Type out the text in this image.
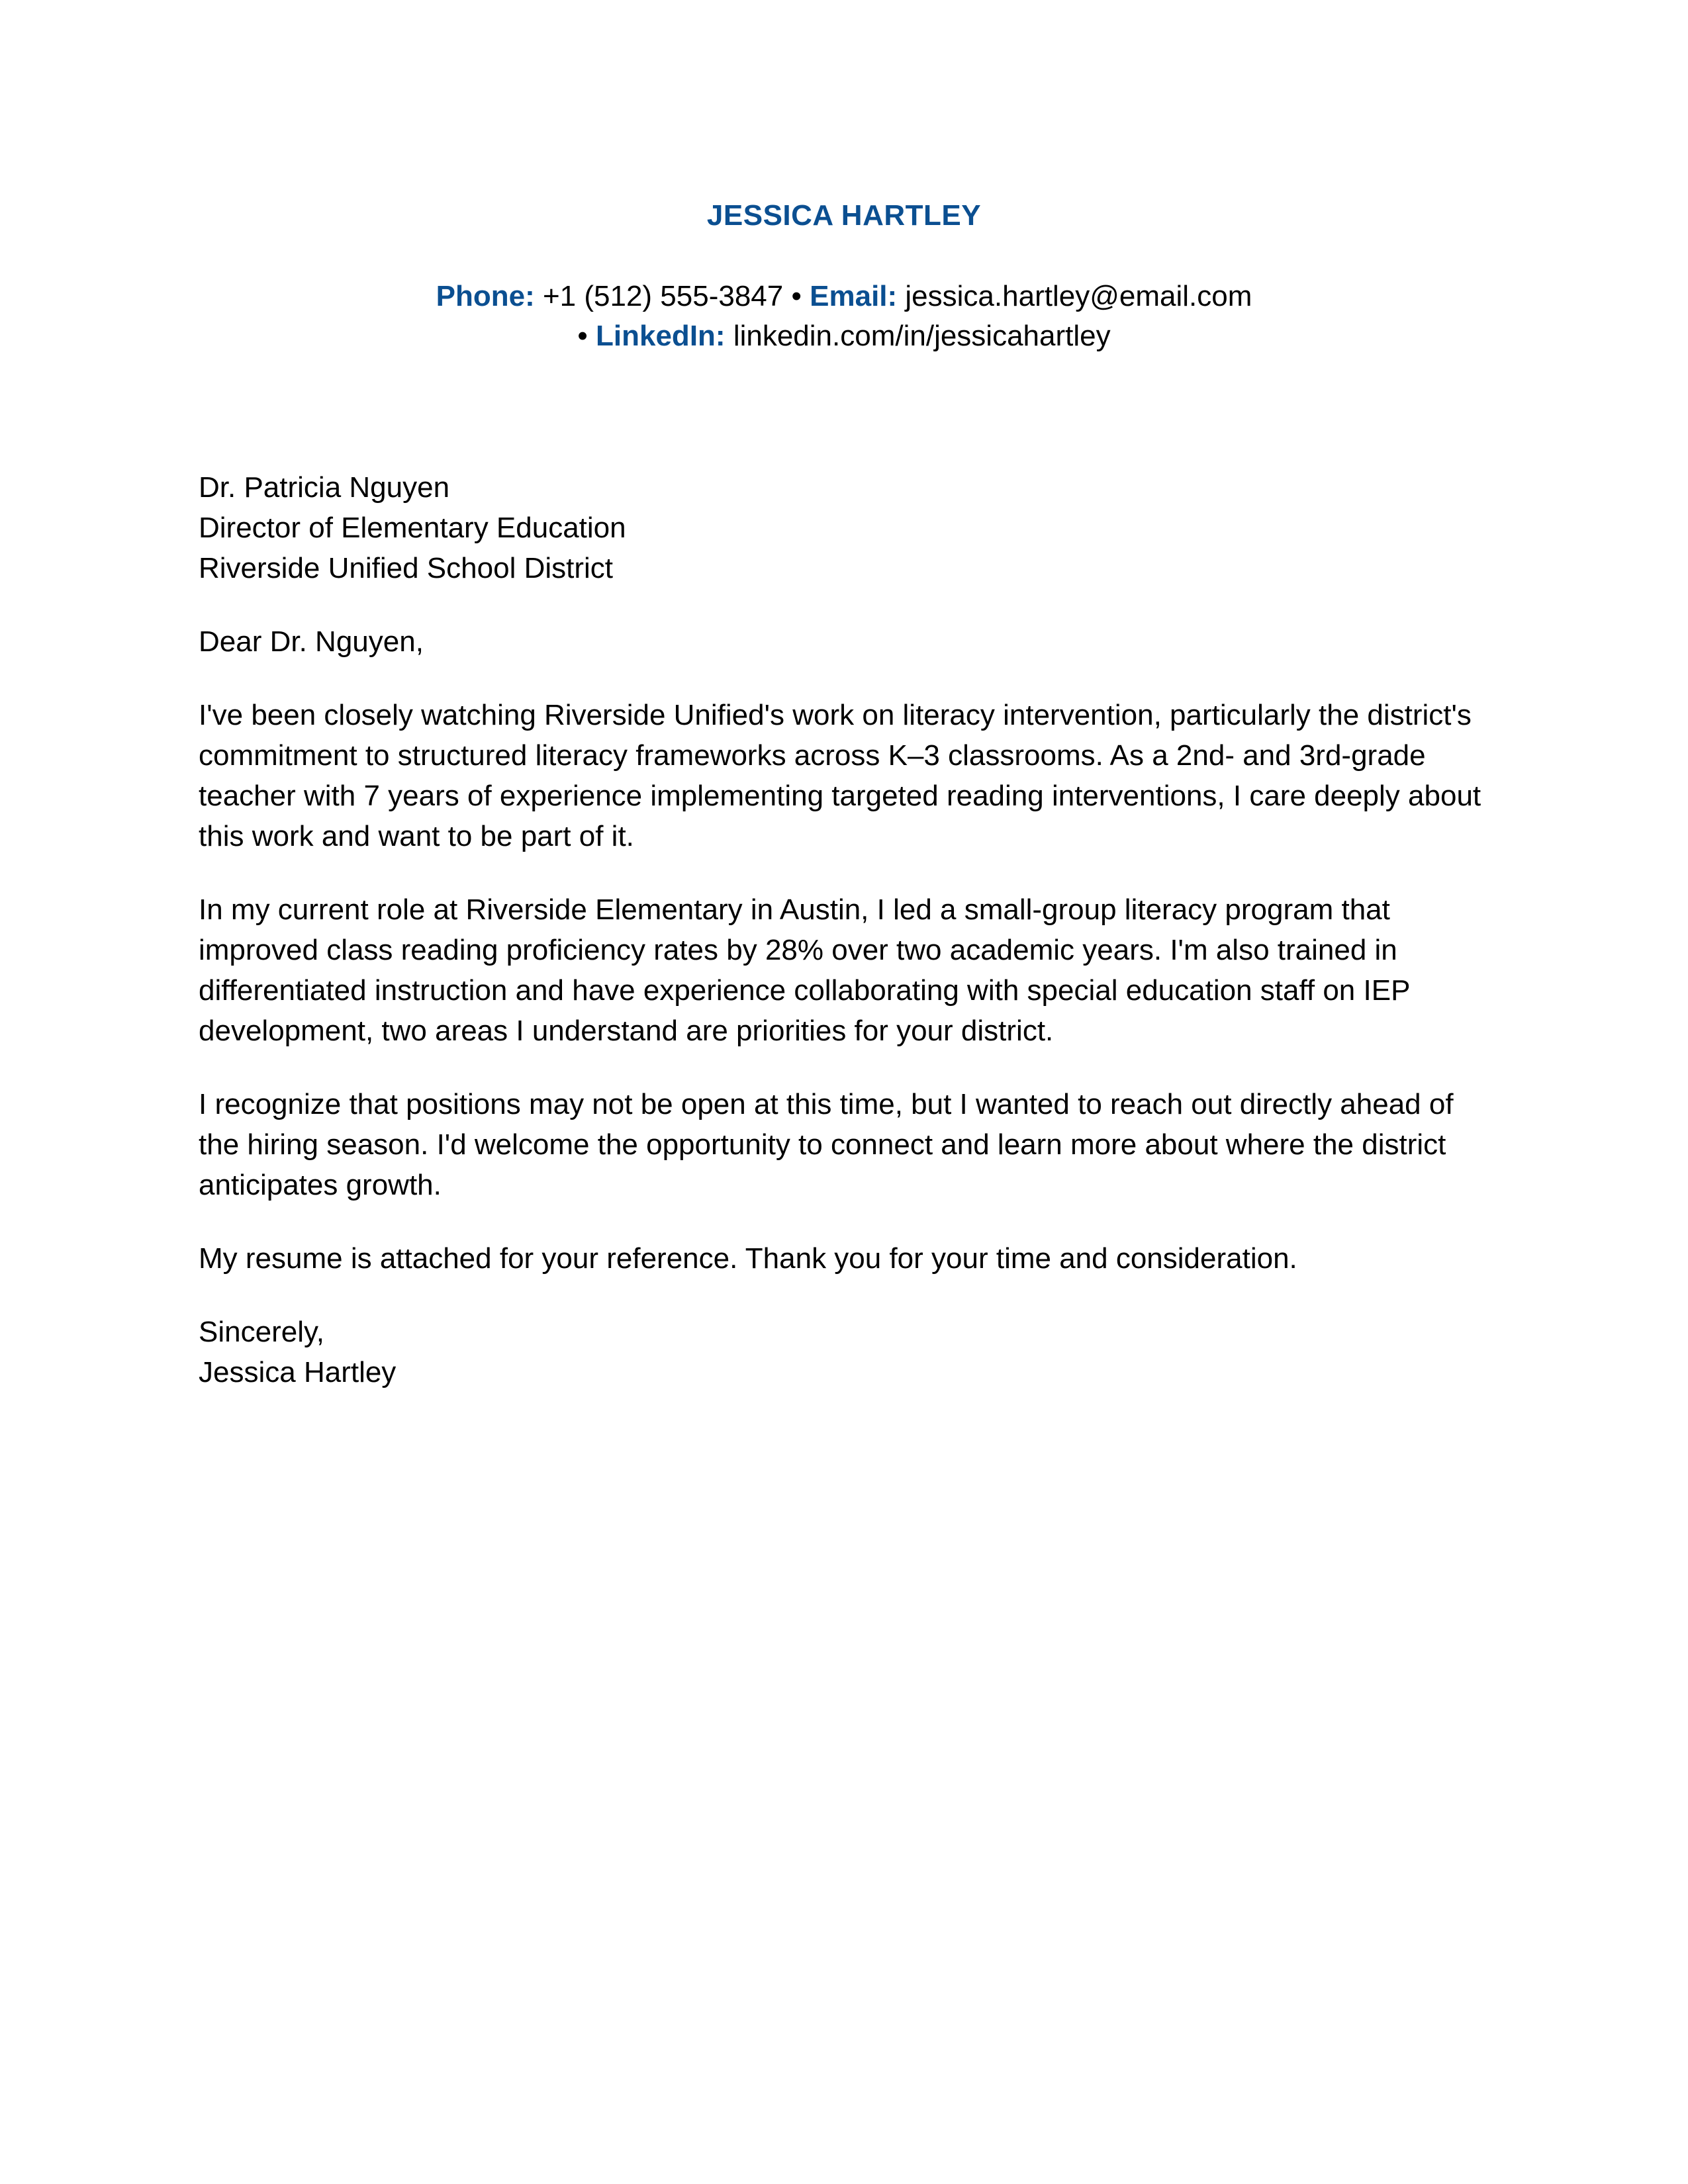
JESSICA HARTLEY
Phone: +1 (512) 555-3847 • Email: jessica.hartley@email.com
• LinkedIn: linkedin.com/in/jessicahartley

Dr. Patricia Nguyen
Director of Elementary Education
Riverside Unified School District

Dear Dr. Nguyen,

I've been closely watching Riverside Unified's work on literacy intervention, particularly the district's commitment to structured literacy frameworks across K–3 classrooms. As a 2nd- and 3rd-grade teacher with 7 years of experience implementing targeted reading interventions, I care deeply about this work and want to be part of it.

In my current role at Riverside Elementary in Austin, I led a small-group literacy program that improved class reading proficiency rates by 28% over two academic years. I'm also trained in differentiated instruction and have experience collaborating with special education staff on IEP development, two areas I understand are priorities for your district.

I recognize that positions may not be open at this time, but I wanted to reach out directly ahead of the hiring season. I'd welcome the opportunity to connect and learn more about where the district anticipates growth.

My resume is attached for your reference. Thank you for your time and consideration.

Sincerely,
Jessica Hartley
